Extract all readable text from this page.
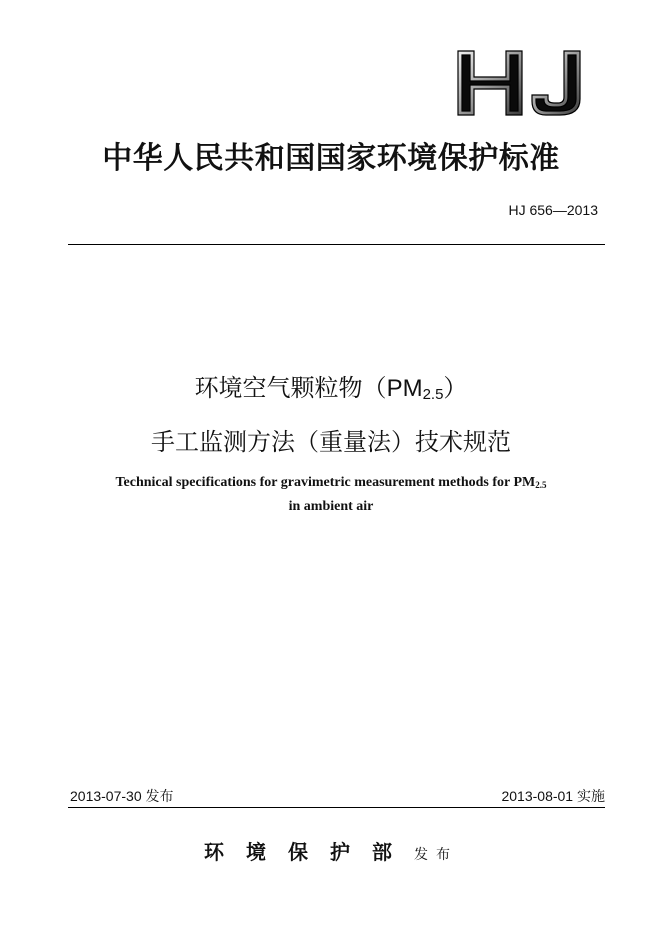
中华人民共和国国家环境保护标准
HJ 656—2013
环境空气颗粒物$(PM_{2.5})$
手工监测方法（重量法）技术规范
Technical specifications for gravimetric measurement methods for $PM_{2.5}$
in ambient air
2013-07-30 发布	2013-08-01 实施
环境保护部发布
